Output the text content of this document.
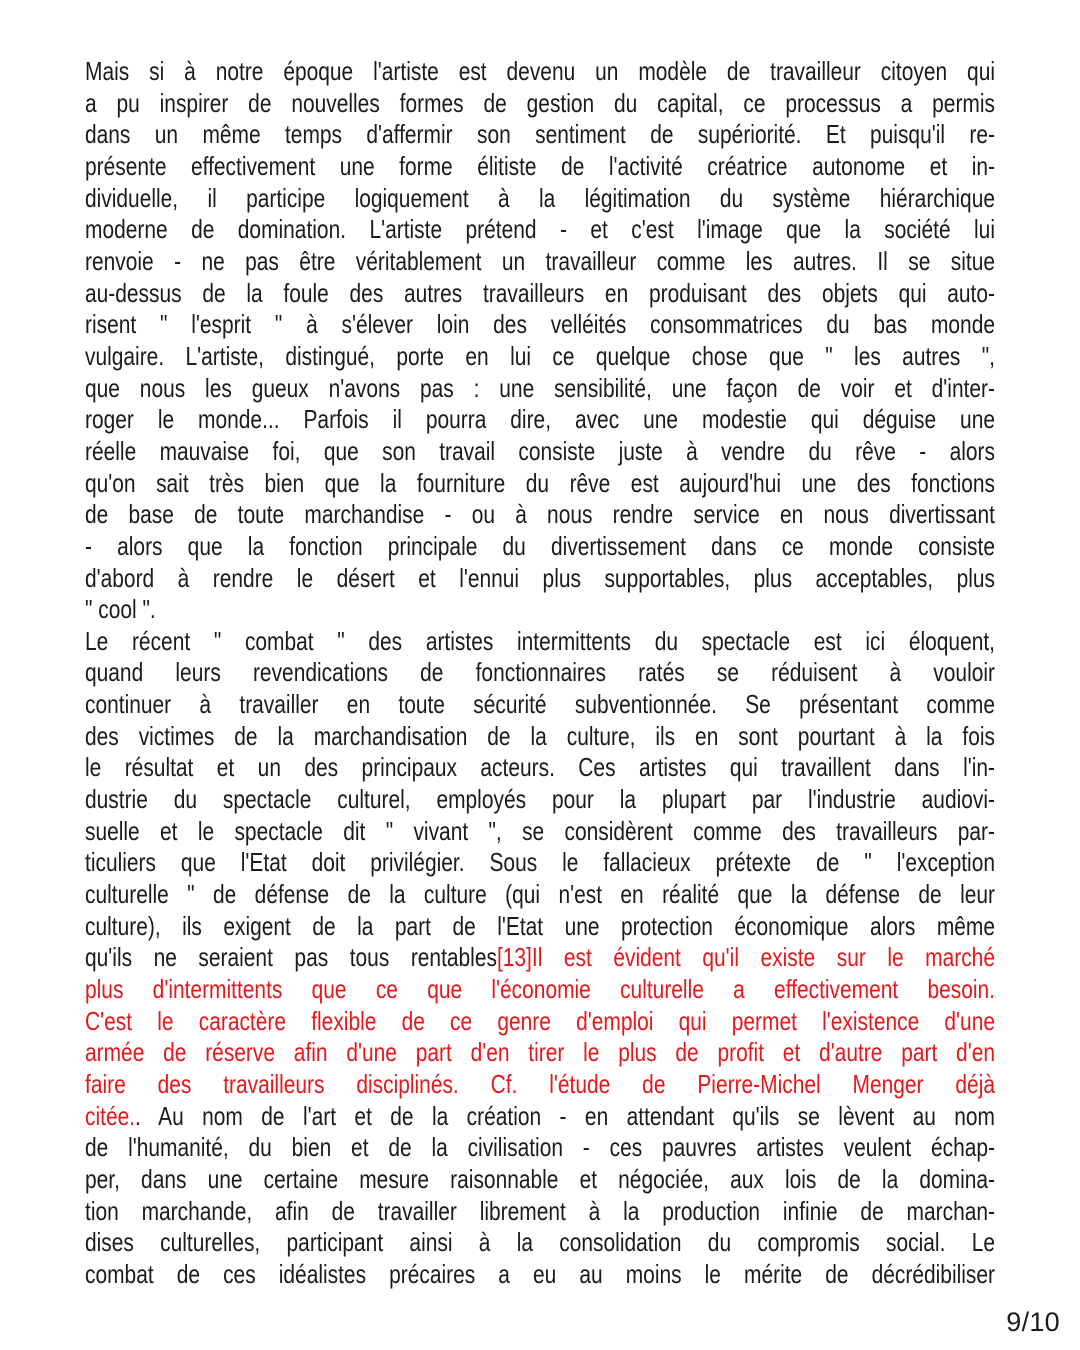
Mais si à notre époque l'artiste est devenu un modèle de travailleur citoyen qui
a pu inspirer de nouvelles formes de gestion du capital, ce processus a permis
dans un même temps d'affermir son sentiment de supériorité. Et puisqu'il re-
présente effectivement une forme élitiste de l'activité créatrice autonome et in-
dividuelle, il participe logiquement à la légitimation du système hiérarchique
moderne de domination. L'artiste prétend - et c'est l'image que la société lui
renvoie - ne pas être véritablement un travailleur comme les autres. Il se situe
au-dessus de la foule des autres travailleurs en produisant des objets qui auto-
risent " l'esprit " à s'élever loin des velléités consommatrices du bas monde
vulgaire. L'artiste, distingué, porte en lui ce quelque chose que " les autres ",
que nous les gueux n'avons pas : une sensibilité, une façon de voir et d'inter-
roger le monde... Parfois il pourra dire, avec une modestie qui déguise une
réelle mauvaise foi, que son travail consiste juste à vendre du rêve - alors
qu'on sait très bien que la fourniture du rêve est aujourd'hui une des fonctions
de base de toute marchandise - ou à nous rendre service en nous divertissant
- alors que la fonction principale du divertissement dans ce monde consiste
d'abord à rendre le désert et l'ennui plus supportables, plus acceptables, plus
" cool ".
Le récent " combat " des artistes intermittents du spectacle est ici éloquent,
quand leurs revendications de fonctionnaires ratés se réduisent à vouloir
continuer à travailler en toute sécurité subventionnée. Se présentant comme
des victimes de la marchandisation de la culture, ils en sont pourtant à la fois
le résultat et un des principaux acteurs. Ces artistes qui travaillent dans l'in-
dustrie du spectacle culturel, employés pour la plupart par l'industrie audiovi-
suelle et le spectacle dit " vivant ", se considèrent comme des travailleurs par-
ticuliers que l'Etat doit privilégier. Sous le fallacieux prétexte de " l'exception
culturelle " de défense de la culture (qui n'est en réalité que la défense de leur
culture), ils exigent de la part de l'Etat une protection économique alors même
qu'ils ne seraient pas tous rentables[13]Il est évident qu'il existe sur le marché
plus d'intermittents que ce que l'économie culturelle a effectivement besoin.
C'est le caractère flexible de ce genre d'emploi qui permet l'existence d'une
armée de réserve afin d'une part d'en tirer le plus de profit et d'autre part d'en
faire des travailleurs disciplinés. Cf. l'étude de Pierre-Michel Menger déjà
citée.. Au nom de l'art et de la création - en attendant qu'ils se lèvent au nom
de l'humanité, du bien et de la civilisation - ces pauvres artistes veulent échap-
per, dans une certaine mesure raisonnable et négociée, aux lois de la domina-
tion marchande, afin de travailler librement à la production infinie de marchan-
dises culturelles, participant ainsi à la consolidation du compromis social. Le
combat de ces idéalistes précaires a eu au moins le mérite de décrédibiliser
9/10
